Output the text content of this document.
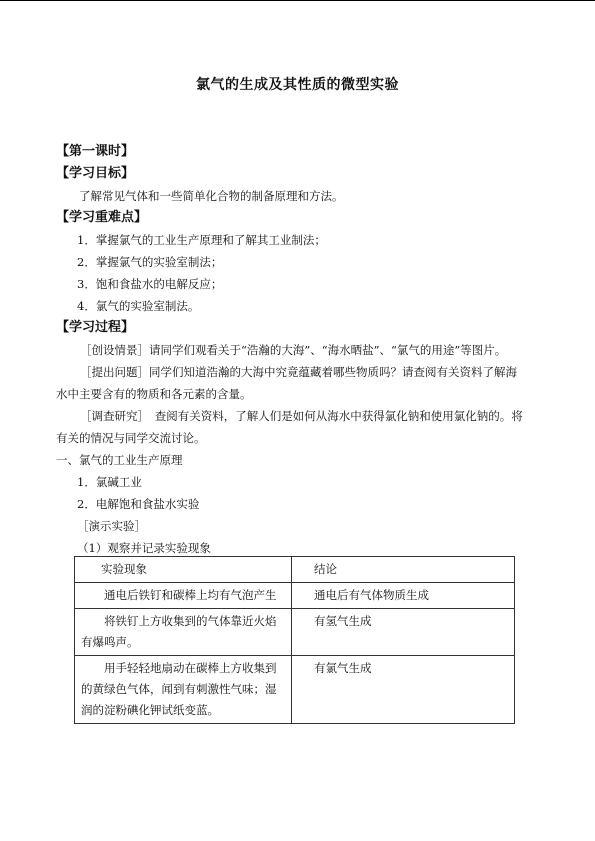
氯气的生成及其性质的微型实验
【第一课时】
【学习目标】
了解常见气体和一些简单化合物的制备原理和方法。
【学习重难点】
1．掌握氯气的工业生产原理和了解其工业制法；
2．掌握氯气的实验室制法；
3．饱和食盐水的电解反应；
4．氯气的实验室制法。
【学习过程】
［创设情景］请同学们观看关于“浩瀚的大海”、“海水晒盐”、“氯气的用途”等图片。
［提出问题］同学们知道浩瀚的大海中究竟蕴藏着哪些物质吗？请查阅有关资料了解海
水中主要含有的物质和各元素的含量。
［调查研究］　查阅有关资料，了解人们是如何从海水中获得氯化钠和使用氯化钠的。将
有关的情况与同学交流讨论。
一、氯气的工业生产原理
1．氯碱工业
2．电解饱和食盐水实验
［演示实验］
（1）观察并记录实验现象
实验现象	结论
通电后铁钉和碳棒上均有气泡产生	通电后有气体物质生成
将铁钉上方收集到的气体靠近火焰有爆鸣声。	有氢气生成
用手轻轻地扇动在碳棒上方收集到的黄绿色气体，闻到有刺激性气味；湿润的淀粉碘化钾试纸变蓝。	有氯气生成
